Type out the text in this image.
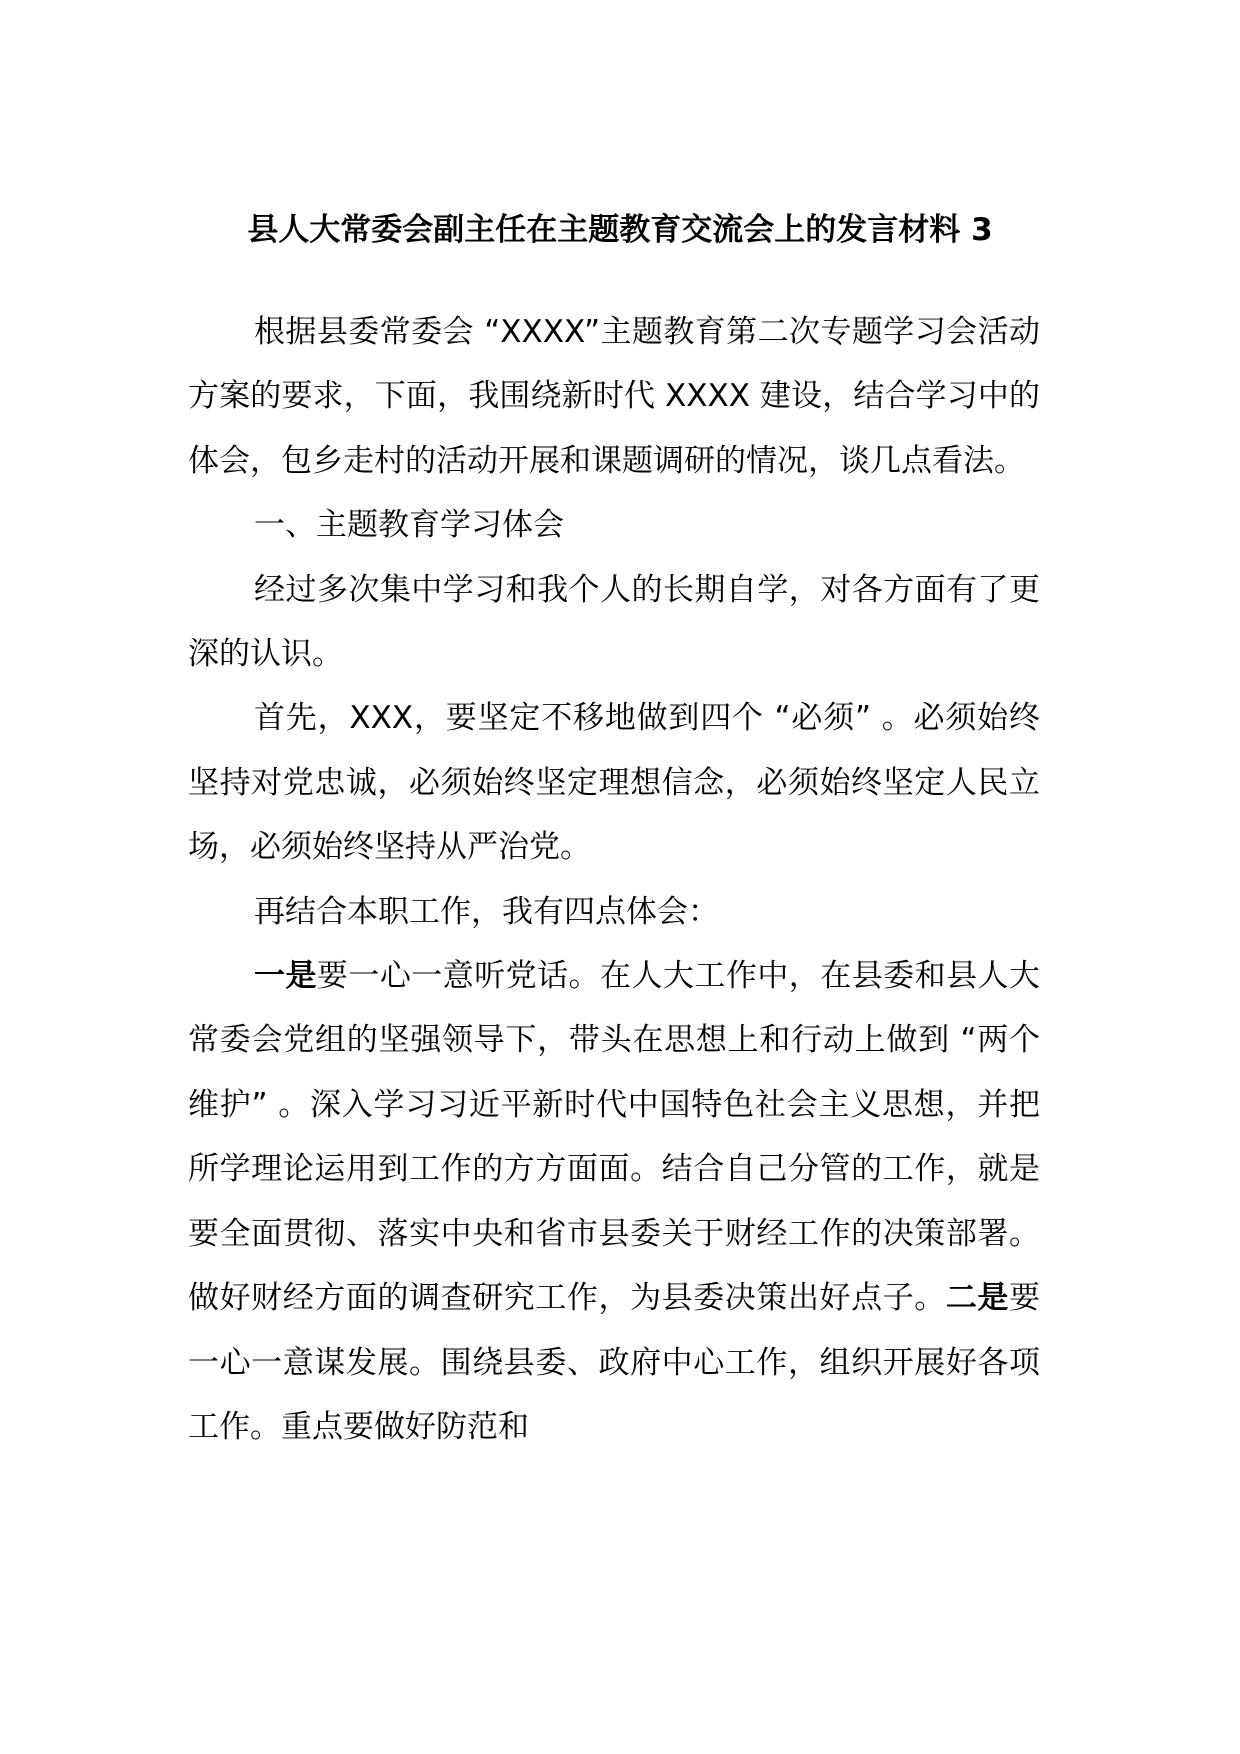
县人大常委会副主任在主题教育交流会上的发言材料 3

根据县委常委会 “XXXX”主题教育第二次专题学习会活动方案的要求，下面，我围绕新时代 XXXX 建设，结合学习中的体会，包乡走村的活动开展和课题调研的情况，谈几点看法。

一、主题教育学习体会

经过多次集中学习和我个人的长期自学，对各方面有了更深的认识。

首先，XXX，要坚定不移地做到四个 “必须” 。必须始终坚持对党忠诚，必须始终坚定理想信念，必须始终坚定人民立场，必须始终坚持从严治党。

再结合本职工作，我有四点体会：

一是要一心一意听党话。在人大工作中，在县委和县人大常委会党组的坚强领导下，带头在思想上和行动上做到 “两个维护” 。深入学习习近平新时代中国特色社会主义思想，并把所学理论运用到工作的方方面面。结合自己分管的工作，就是要全面贯彻、落实中央和省市县委关于财经工作的决策部署。做好财经方面的调查研究工作，为县委决策出好点子。二是要一心一意谋发展。围绕县委、政府中心工作，组织开展好各项工作。重点要做好防范和
